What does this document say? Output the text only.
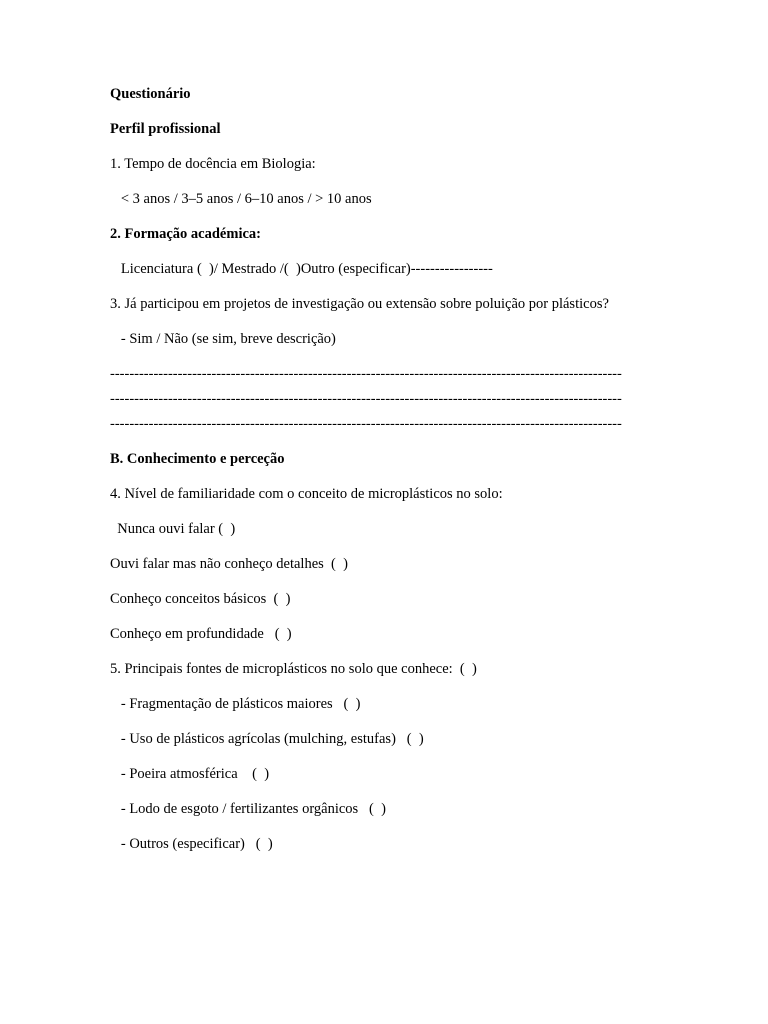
Questionário
Perfil profissional
1. Tempo de docência em Biologia:
< 3 anos / 3–5 anos / 6–10 anos / > 10 anos
2. Formação académica:
Licenciatura (  )/ Mestrado /(  )Outro (especificar)-----------------
3. Já participou em projetos de investigação ou extensão sobre poluição por plásticos?
- Sim / Não (se sim, breve descrição)
----------------------------------------------------------------------------------------------------------
----------------------------------------------------------------------------------------------------------
----------------------------------------------------------------------------------------------------------
B. Conhecimento e perceção
4. Nível de familiaridade com o conceito de microplásticos no solo:
Nunca ouvi falar (  )
Ouvi falar mas não conheço detalhes  (  )
Conheço conceitos básicos  (  )
Conheço em profundidade   (  )
5. Principais fontes de microplásticos no solo que conhece:  (  )
- Fragmentação de plásticos maiores   (  )
- Uso de plásticos agrícolas (mulching, estufas)   (  )
- Poeira atmosférica    (  )
- Lodo de esgoto / fertilizantes orgânicos   (  )
- Outros (especificar)   (  )
